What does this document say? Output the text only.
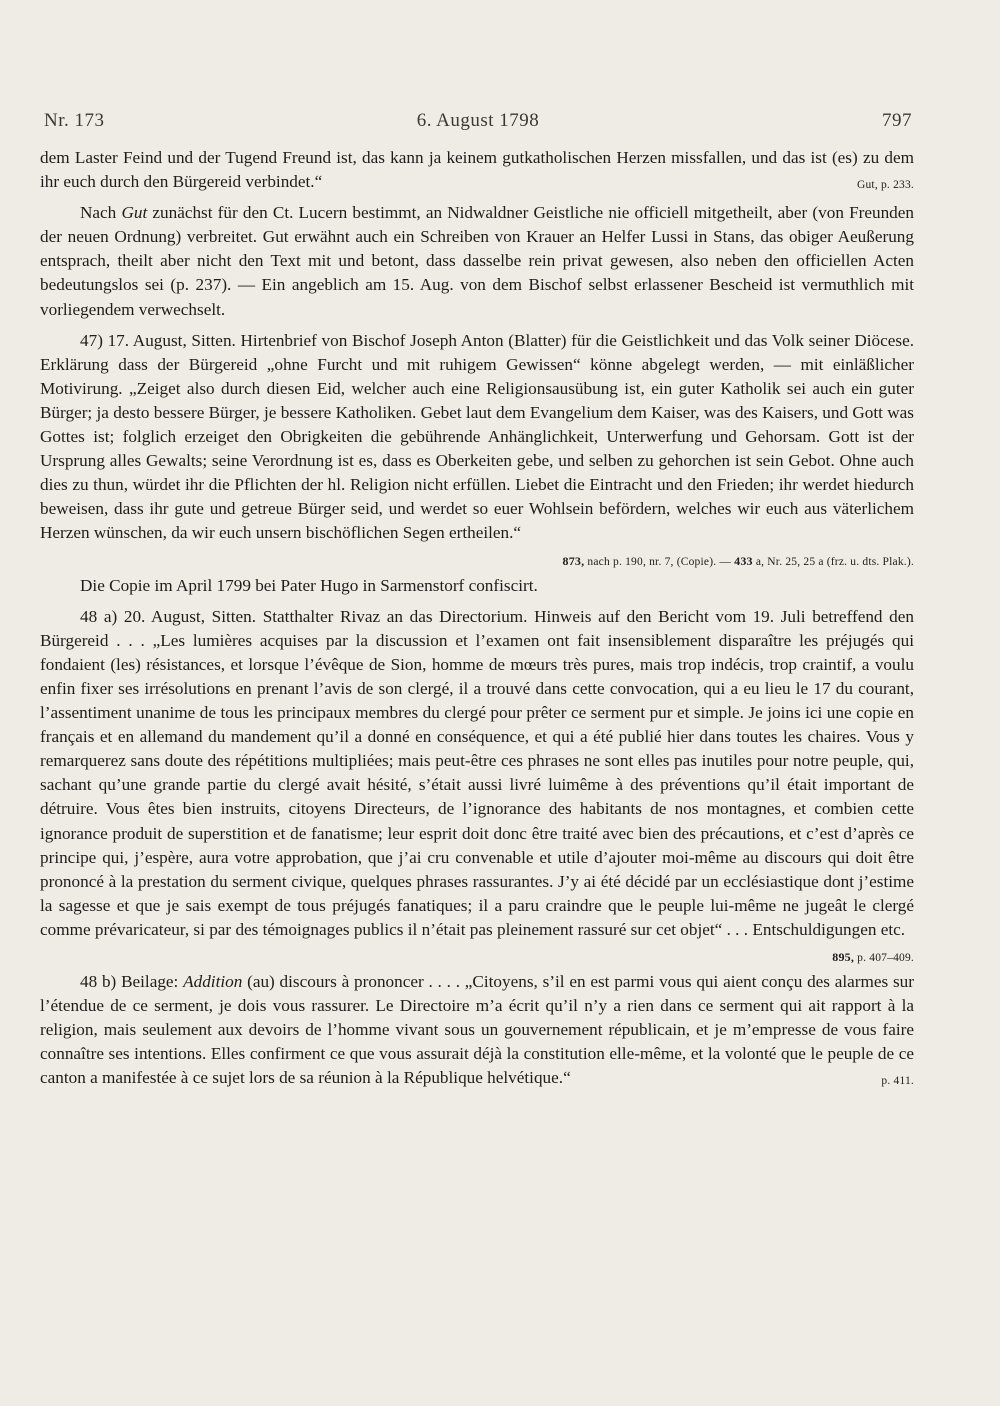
Nr. 173	6. August 1798	797

dem Laster Feind und der Tugend Freund ist, das kann ja keinem gutkatholischen Herzen missfallen, und das ist (es) zu dem ihr euch durch den Bürgereid verbindet.“	Gut, p. 233.

Nach Gut zunächst für den Ct. Lucern bestimmt, an Nidwaldner Geistliche nie officiell mitgetheilt, aber (von Freunden der neuen Ordnung) verbreitet. Gut erwähnt auch ein Schreiben von Krauer an Helfer Lussi in Stans, das obiger Aeußerung entsprach, theilt aber nicht den Text mit und betont, dass dasselbe rein privat gewesen, also neben den officiellen Acten bedeutungslos sei (p. 237). — Ein angeblich am 15. Aug. von dem Bischof selbst erlassener Bescheid ist vermuthlich mit vorliegendem verwechselt.

47) 17. August, Sitten. Hirtenbrief von Bischof Joseph Anton (Blatter) für die Geistlichkeit und das Volk seiner Diöcese. Erklärung dass der Bürgereid „ohne Furcht und mit ruhigem Gewissen“ könne abgelegt werden, — mit einläßlicher Motivirung. „Zeiget also durch diesen Eid, welcher auch eine Religionsausübung ist, ein guter Katholik sei auch ein guter Bürger; ja desto bessere Bürger, je bessere Katholiken. Gebet laut dem Evangelium dem Kaiser, was des Kaisers, und Gott was Gottes ist; folglich erzeiget den Obrigkeiten die gebührende Anhänglichkeit, Unterwerfung und Gehorsam. Gott ist der Ursprung alles Gewalts; seine Verordnung ist es, dass es Oberkeiten gebe, und selben zu gehorchen ist sein Gebot. Ohne auch dies zu thun, würdet ihr die Pflichten der hl. Religion nicht erfüllen. Liebet die Eintracht und den Frieden; ihr werdet hiedurch beweisen, dass ihr gute und getreue Bürger seid, und werdet so euer Wohlsein befördern, welches wir euch aus väterlichem Herzen wünschen, da wir euch unsern bischöflichen Segen ertheilen.“
873, nach p. 190, nr. 7, (Copie). — 433 a, Nr. 25, 25 a (frz. u. dts. Plak.).

Die Copie im April 1799 bei Pater Hugo in Sarmenstorf confiscirt.

48 a) 20. August, Sitten. Statthalter Rivaz an das Directorium. Hinweis auf den Bericht vom 19. Juli betreffend den Bürgereid . . . „Les lumières acquises par la discussion et l’examen ont fait insensiblement disparaître les préjugés qui fondaient (les) résistances, et lorsque l’évêque de Sion, homme de mœurs très pures, mais trop indécis, trop craintif, a voulu enfin fixer ses irrésolutions en prenant l’avis de son clergé, il a trouvé dans cette convocation, qui a eu lieu le 17 du courant, l’assentiment unanime de tous les principaux membres du clergé pour prêter ce serment pur et simple. Je joins ici une copie en français et en allemand du mandement qu’il a donné en conséquence, et qui a été publié hier dans toutes les chaires. Vous y remarquerez sans doute des répétitions multipliées; mais peut-être ces phrases ne sont elles pas inutiles pour notre peuple, qui, sachant qu’une grande partie du clergé avait hésité, s’était aussi livré luimême à des préventions qu’il était important de détruire. Vous êtes bien instruits, citoyens Directeurs, de l’ignorance des habitants de nos montagnes, et combien cette ignorance produit de superstition et de fanatisme; leur esprit doit donc être traité avec bien des précautions, et c’est d’après ce principe qui, j’espère, aura votre approbation, que j’ai cru convenable et utile d’ajouter moi-même au discours qui doit être prononcé à la prestation du serment civique, quelques phrases rassurantes. J’y ai été décidé par un ecclésiastique dont j’estime la sagesse et que je sais exempt de tous préjugés fanatiques; il a paru craindre que le peuple lui-même ne jugeât le clergé comme prévaricateur, si par des témoignages publics il n’était pas pleinement rassuré sur cet objet“ . . . Entschuldigungen etc.
895, p. 407–409.

48 b) Beilage: Addition (au) discours à prononcer . . . . „Citoyens, s’il en est parmi vous qui aient conçu des alarmes sur l’étendue de ce serment, je dois vous rassurer. Le Directoire m’a écrit qu’il n’y a rien dans ce serment qui ait rapport à la religion, mais seulement aux devoirs de l’homme vivant sous un gouvernement républicain, et je m’empresse de vous faire connaître ses intentions. Elles confirment ce que vous assurait déjà la constitution elle-même, et la volonté que le peuple de ce canton a manifestée à ce sujet lors de sa réunion à la République helvétique.“	p. 411.
